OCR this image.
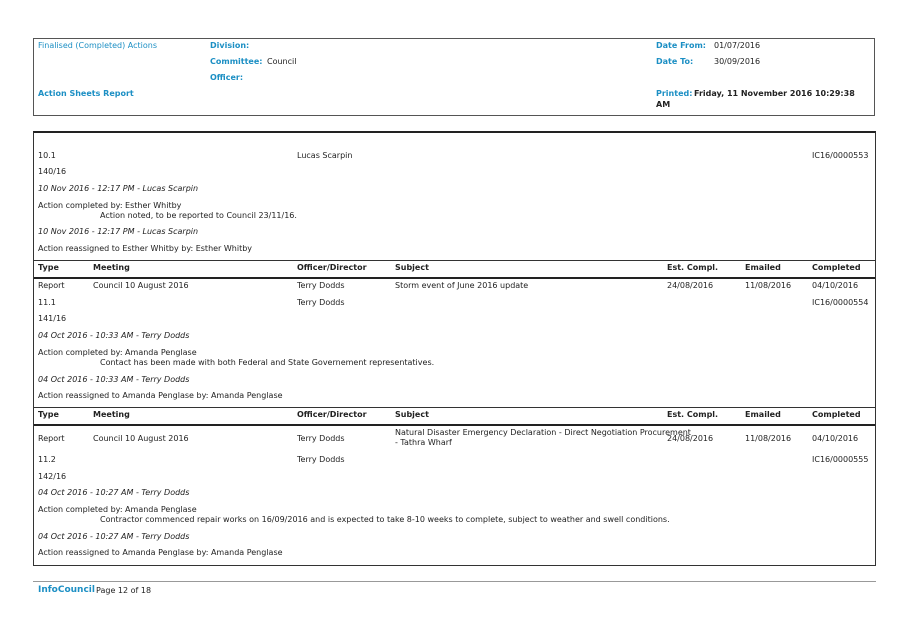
Finalised (Completed) Actions
Action Sheets Report
Division:
Committee: Council
Officer:
Date From: 01/07/2016
Date To:	30/09/2016
Printed: Friday, 11 November 2016 10:29:38
AM
10.1	Lucas Scarpin	IC16/0000553
140/16
10 Nov 2016 - 12:17 PM - Lucas Scarpin
Action completed by: Esther Whitby
Action noted, to be reported to Council 23/11/16.
10 Nov 2016 - 12:17 PM - Lucas Scarpin
Action reassigned to Esther Whitby by: Esther Whitby
Type	Meeting	Officer/Director	Subject	Est. Compl.	Emailed	Completed
Report	Council 10 August 2016	Terry Dodds	Storm event of June 2016 update	24/08/2016	11/08/2016	04/10/2016
11.1	Terry Dodds	IC16/0000554
141/16
04 Oct 2016 - 10:33 AM - Terry Dodds
Action completed by: Amanda Penglase
Contact has been made with both Federal and State Governement representatives.
04 Oct 2016 - 10:33 AM - Terry Dodds
Action reassigned to Amanda Penglase by: Amanda Penglase
Type	Meeting	Officer/Director	Subject	Est. Compl.	Emailed	Completed
Report	Council 10 August 2016	Terry Dodds
Natural Disaster Emergency Declaration - Direct Negotiation Procurement
- Tathra Wharf	24/08/2016	11/08/2016	04/10/2016
11.2	Terry Dodds	IC16/0000555
142/16
04 Oct 2016 - 10:27 AM - Terry Dodds
Action completed by: Amanda Penglase
Contractor commenced repair works on 16/09/2016 and is expected to take 8-10 weeks to complete, subject to weather and swell conditions.
04 Oct 2016 - 10:27 AM - Terry Dodds
Action reassigned to Amanda Penglase by: Amanda Penglase
InfoCouncil Page 12 of 18
